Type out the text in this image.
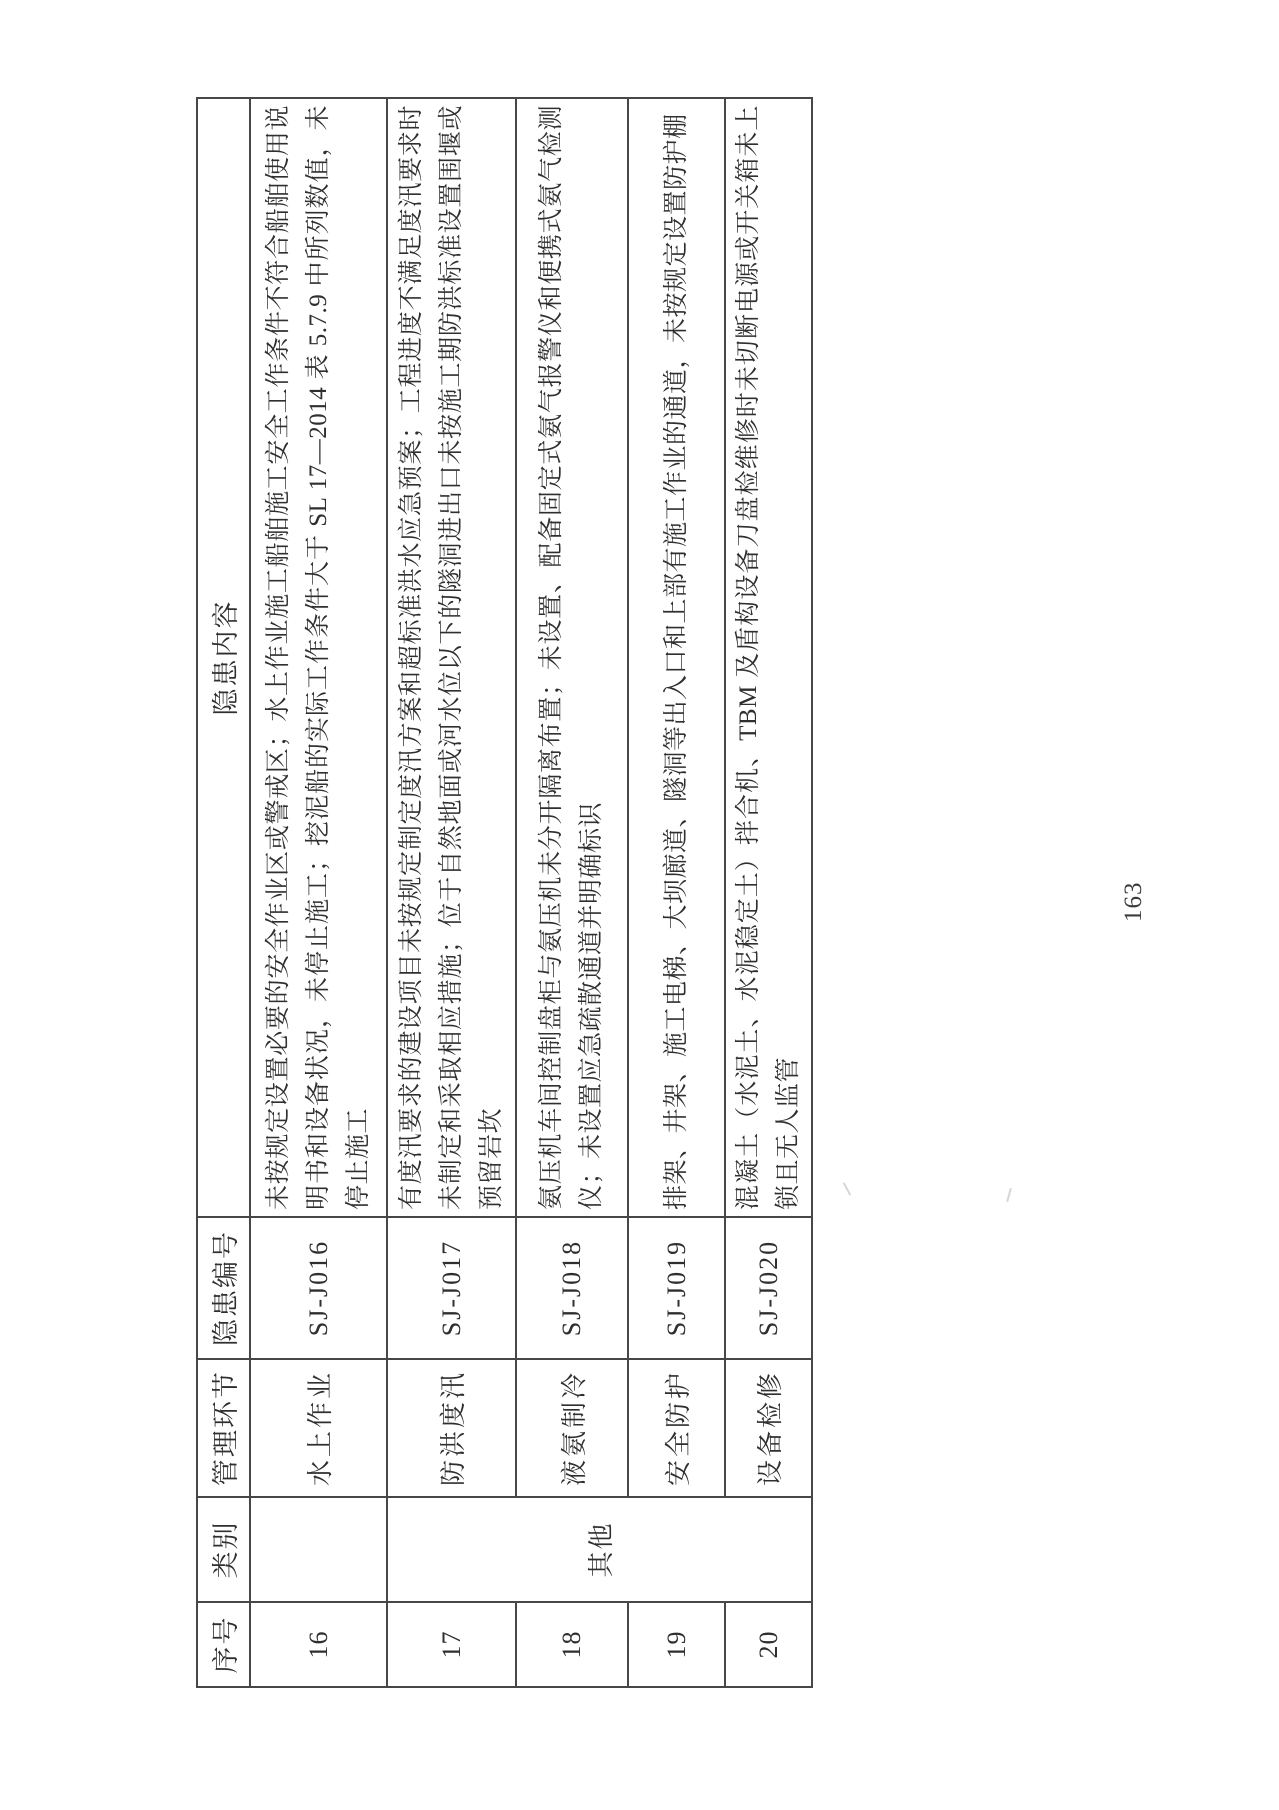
序号	类别	管理环节	隐患编号	隐患内容
16		水上作业	SJ-J016	未按规定设置必要的安全作业区或警戒区；水上作业施工船舶施工安全工作条件不符合船舶使用说明书和设备状况，未停止施工；挖泥船的实际工作条件大于 SL 17—2014 表 5.7.9 中所列数值，未停止施工
17	其他	防洪度汛	SJ-J017	有度汛要求的建设项目未按规定制定度汛方案和超标准洪水应急预案；工程进度不满足度汛要求时未制定和采取相应措施；位于自然地面或河水位以下的隧洞进出口未按施工期防洪标准设置围堰或预留岩坎
18		液氨制冷	SJ-J018	氨压机车间控制盘柜与氨压机未分开隔离布置；未设置、配备固定式氨气报警仪和便携式氨气检测仪；未设置应急疏散通道并明确标识
19		安全防护	SJ-J019	排架、井架、施工电梯、大坝廊道、隧洞等出入口和上部有施工作业的通道，未按规定设置防护棚
20		设备检修	SJ-J020	混凝土（水泥土、水泥稳定土）拌合机、TBM 及盾构设备刀盘检维修时未切断电源或开关箱未上锁且无人监管
163
